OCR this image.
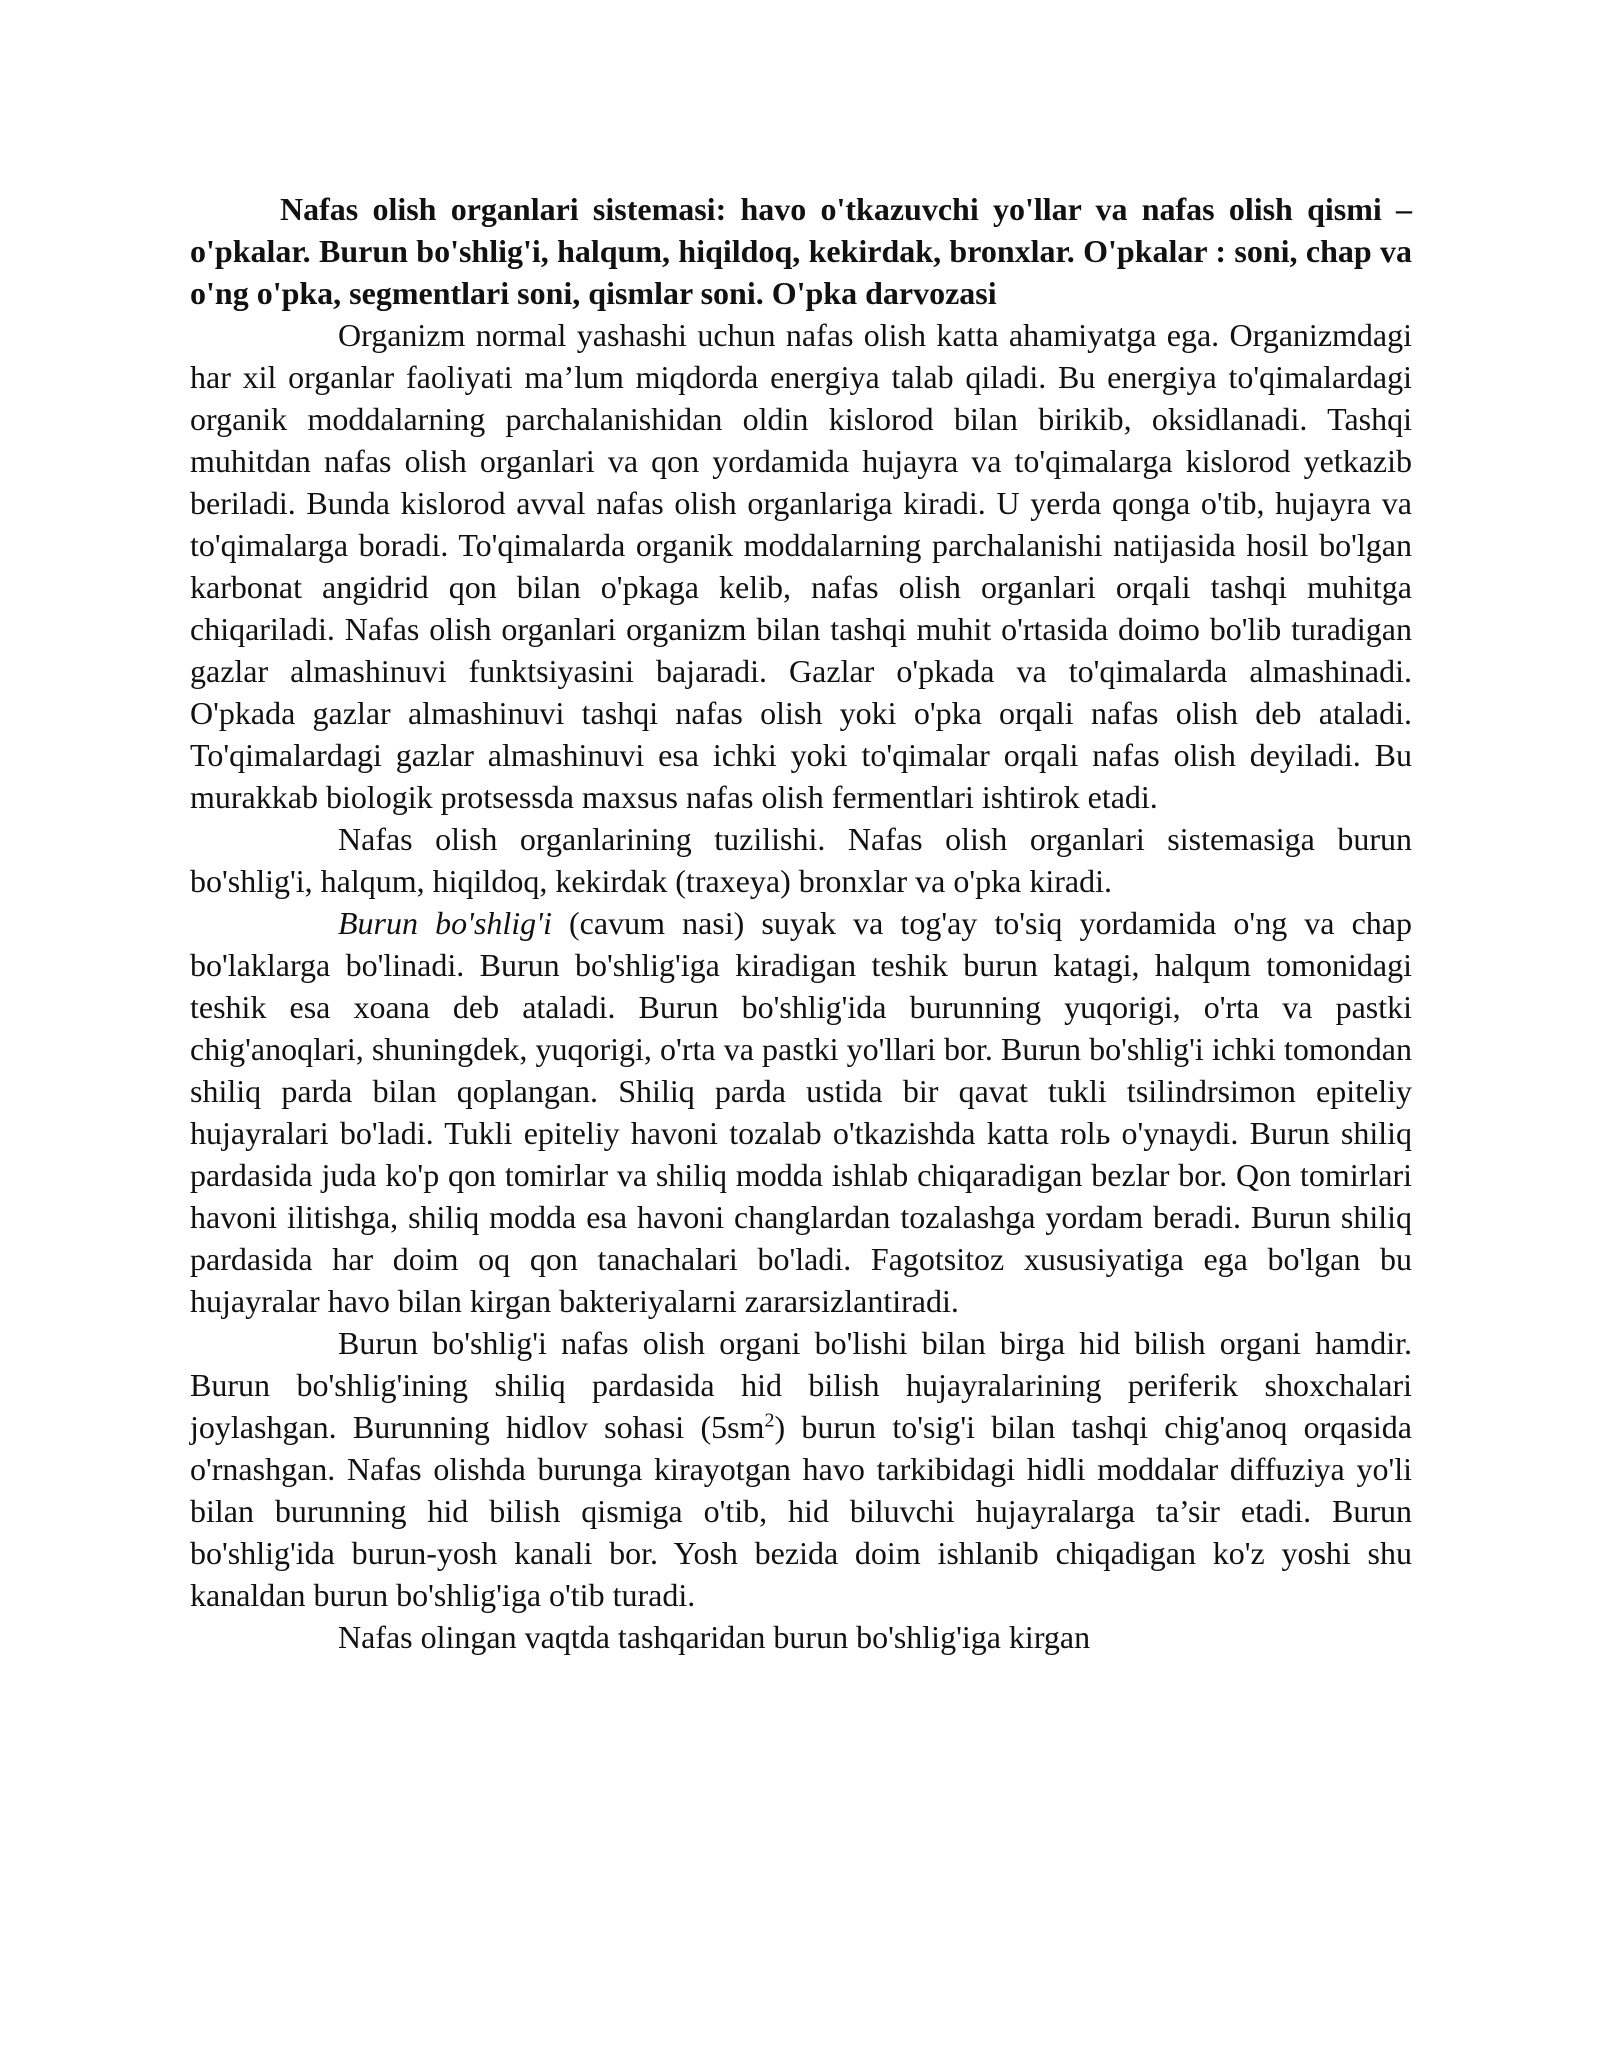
Nafas olish organlari sistemasi: havo o'tkazuvchi yo'llar va nafas olish qismi – o'pkalar. Burun bo'shlig'i, halqum, hiqildoq, kekirdak, bronxlar. O'pkalar : soni, chap va o'ng o'pka, segmentlari soni, qismlar soni. O'pka darvozasi

Organizm normal yashashi uchun nafas olish katta ahamiyatga ega. Organizmdagi har xil organlar faoliyati ma’lum miqdorda energiya talab qiladi. Bu energiya to'qimalardagi organik moddalarning parchalanishidan oldin kislorod bilan birikib, oksidlanadi. Tashqi muhitdan nafas olish organlari va qon yordamida hujayra va to'qimalarga kislorod yetkazib beriladi. Bunda kislorod avval nafas olish organlariga kiradi. U yerda qonga o'tib, hujayra va to'qimalarga boradi. To'qimalarda organik moddalarning parchalanishi natijasida hosil bo'lgan karbonat angidrid qon bilan o'pkaga kelib, nafas olish organlari orqali tashqi muhitga chiqariladi. Nafas olish organlari organizm bilan tashqi muhit o'rtasida doimo bo'lib turadigan gazlar almashinuvi funktsiyasini bajaradi. Gazlar o'pkada va to'qimalarda almashinadi. O'pkada gazlar almashinuvi tashqi nafas olish yoki o'pka orqali nafas olish deb ataladi. To'qimalardagi gazlar almashinuvi esa ichki yoki to'qimalar orqali nafas olish deyiladi. Bu murakkab biologik protsessda maxsus nafas olish fermentlari ishtirok etadi.

Nafas olish organlarining tuzilishi. Nafas olish organlari sistemasiga burun bo'shlig'i, halqum, hiqildoq, kekirdak (traxeya) bronxlar va o'pka kiradi.

Burun bo'shlig'i (cavum nasi) suyak va tog'ay to'siq yordamida o'ng va chap bo'laklarga bo'linadi. Burun bo'shlig'iga kiradigan teshik burun katagi, halqum tomonidagi teshik esa xoana deb ataladi. Burun bo'shlig'ida burunning yuqorigi, o'rta va pastki chig'anoqlari, shuningdek, yuqorigi, o'rta va pastki yo'llari bor. Burun bo'shlig'i ichki tomondan shiliq parda bilan qoplangan. Shiliq parda ustida bir qavat tukli tsilindrsimon epiteliy hujayralari bo'ladi. Tukli epiteliy havoni tozalab o'tkazishda katta rolь o'ynaydi. Burun shiliq pardasida juda ko'p qon tomirlar va shiliq modda ishlab chiqaradigan bezlar bor. Qon tomirlari havoni ilitishga, shiliq modda esa havoni changlardan tozalashga yordam beradi. Burun shiliq pardasida har doim oq qon tanachalari bo'ladi. Fagotsitoz xususiyatiga ega bo'lgan bu hujayralar havo bilan kirgan bakteriyalarni zararsizlantiradi.

Burun bo'shlig'i nafas olish organi bo'lishi bilan birga hid bilish organi hamdir. Burun bo'shlig'ining shiliq pardasida hid bilish hujayralarining periferik shoxchalari joylashgan. Burunning hidlov sohasi $(5sm^2)$ burun to'sig'i bilan tashqi chig'anoq orqasida o'rnashgan. Nafas olishda burunga kirayotgan havo tarkibidagi hidli moddalar diffuziya yo'li bilan burunning hid bilish qismiga o'tib, hid biluvchi hujayralarga ta’sir etadi. Burun bo'shlig'ida burun-yosh kanali bor. Yosh bezida doim ishlanib chiqadigan ko'z yoshi shu kanaldan burun bo'shlig'iga o'tib turadi.

Nafas olingan vaqtda tashqaridan burun bo'shlig'iga kirgan
